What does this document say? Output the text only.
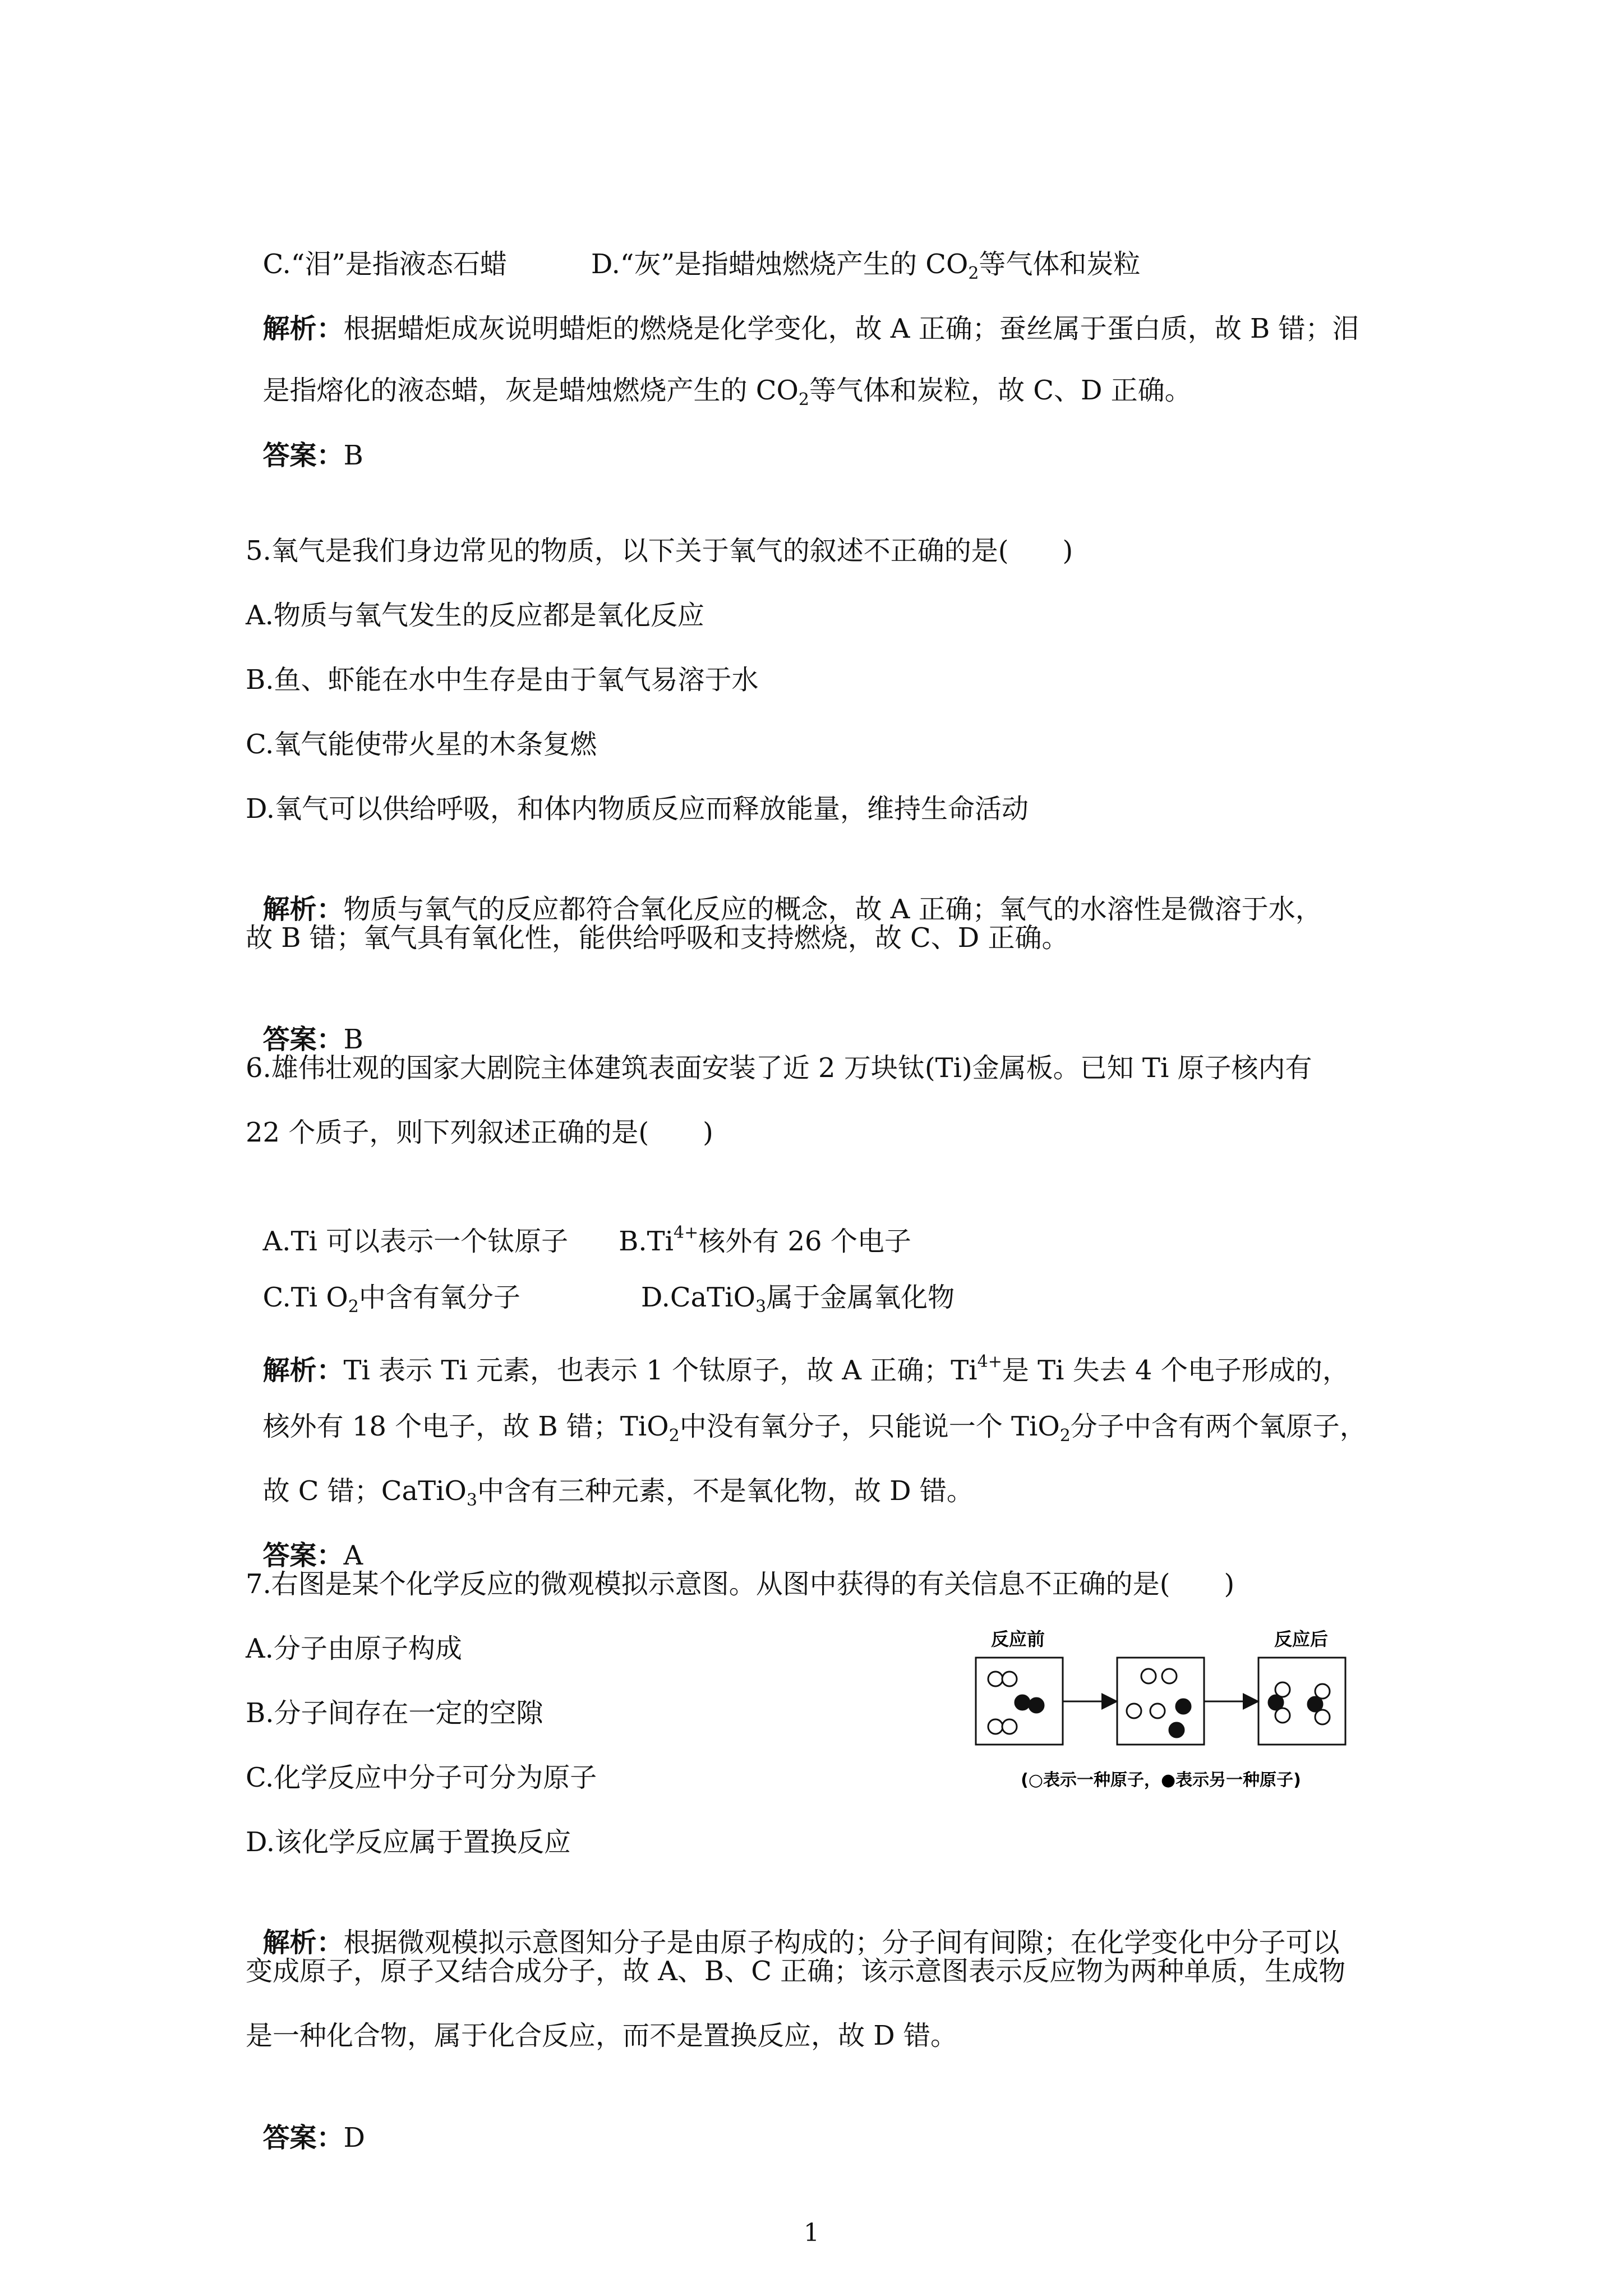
C.“泪”是指液态石蜡	D.“灰”是指蜡烛燃烧产生的 $CO_2$等气体和炭粒

解析：根据蜡炬成灰说明蜡炬的燃烧是化学变化，故 A 正确；蚕丝属于蛋白质，故 B 错；泪

是指熔化的液态蜡，灰是蜡烛燃烧产生的 $CO_2$等气体和炭粒，故 C、D 正确。

答案：B

5.氧气是我们身边常见的物质，以下关于氧气的叙述不正确的是(　　)
A.物质与氧气发生的反应都是氧化反应
B.鱼、虾能在水中生存是由于氧气易溶于水
C.氧气能使带火星的木条复燃
D.氧气可以供给呼吸，和体内物质反应而释放能量，维持生命活动

解析：物质与氧气的反应都符合氧化反应的概念，故 A 正确；氧气的水溶性是微溶于水，

故 B 错；氧气具有氧化性，能供给呼吸和支持燃烧，故 C、D 正确。

答案：B

6.雄伟壮观的国家大剧院主体建筑表面安装了近 2 万块钛(Ti)金属板。已知 Ti 原子核内有
22 个质子，则下列叙述正确的是(　　)

A.Ti 可以表示一个钛原子 $B.Ti^{4+}$核外有 26 个电子

C.Ti $O_2$中含有氧分子	D.CaTiO$_3$属于金属氧化物

解析：Ti 表示 Ti 元素，也表示 1 个钛原子，故 A 正确；$Ti^{4+}$是 Ti 失去 4 个电子形成的，

核外有 18 个电子，故 B 错；TiO$_2$中没有氧分子，只能说一个 TiO$_2$分子中含有两个氧原子，

故 C 错；CaTiO$_3$中含有三种元素，不是氧化物，故 D 错。

答案：A

7.右图是某个化学反应的微观模拟示意图。从图中获得的有关信息不正确的是(　　)
A.分子由原子构成
B.分子间存在一定的空隙
C.化学反应中分子可分为原子
D.该化学反应属于置换反应
反应前	反应后
(○表示一种原子，●表示另一种原子)

解析：根据微观模拟示意图知分子是由原子构成的；分子间有间隙；在化学变化中分子可以

变成原子，原子又结合成分子，故 A、B、C 正确；该示意图表示反应物为两种单质，生成物
是一种化合物，属于化合反应，而不是置换反应，故 D 错。

答案：D

1
